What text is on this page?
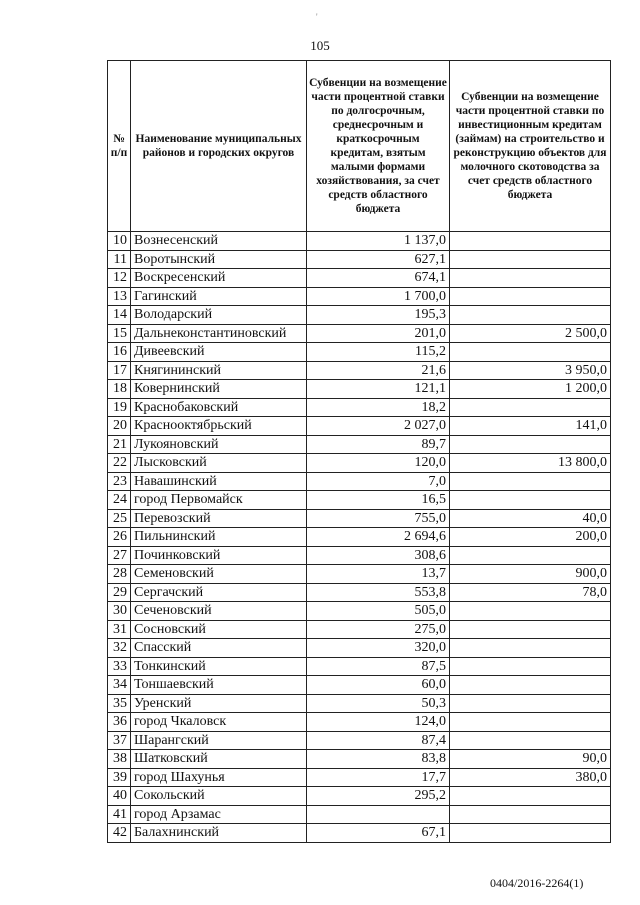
'
105
№ п/п	Наименование муниципальных районов и городских округов	Субвенции на возмещение части процентной ставки по долгосрочным, среднесрочным и краткосрочным кредитам, взятым малыми формами хозяйствования, за счет средств областного бюджета	Субвенции на возмещение части процентной ставки по инвестиционным кредитам (займам) на строительство и реконструкцию объектов для молочного скотоводства за счет средств областного бюджета
10	Вознесенский	1 137,0	
11	Воротынский	627,1	
12	Воскресенский	674,1	
13	Гагинский	1 700,0	
14	Володарский	195,3	
15	Дальнеконстантиновский	201,0	2 500,0
16	Дивеевский	115,2	
17	Княгининский	21,6	3 950,0
18	Ковернинский	121,1	1 200,0
19	Краснобаковский	18,2	
20	Краснооктябрьский	2 027,0	141,0
21	Лукояновский	89,7	
22	Лысковский	120,0	13 800,0
23	Навашинский	7,0	
24	город Первомайск	16,5	
25	Перевозский	755,0	40,0
26	Пильнинский	2 694,6	200,0
27	Починковский	308,6	
28	Семеновский	13,7	900,0
29	Сергачский	553,8	78,0
30	Сеченовский	505,0	
31	Сосновский	275,0	
32	Спасский	320,0	
33	Тонкинский	87,5	
34	Тоншаевский	60,0	
35	Уренский	50,3	
36	город Чкаловск	124,0	
37	Шарангский	87,4	
38	Шатковский	83,8	90,0
39	город Шахунья	17,7	380,0
40	Сокольский	295,2	
41	город Арзамас		
42	Балахнинский	67,1	
0404/2016-2264(1)
